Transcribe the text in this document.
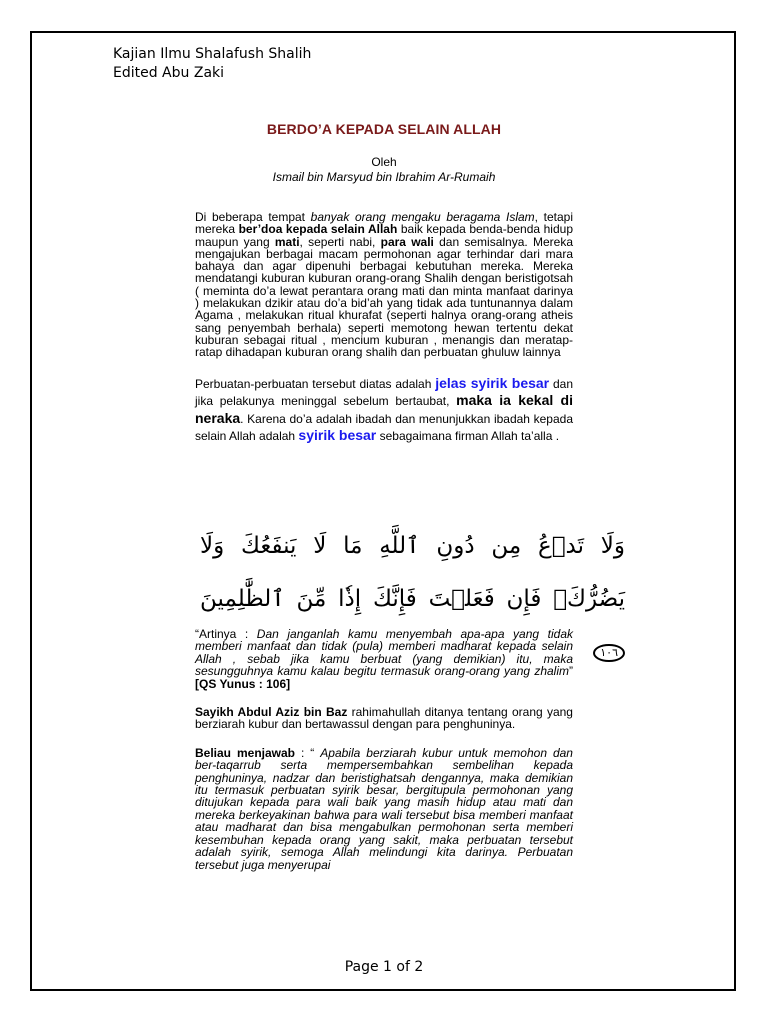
Kajian Ilmu Shalafush Shalih
Edited Abu Zaki
BERDO’A KEPADA SELAIN ALLAH
Oleh
Ismail bin Marsyud bin Ibrahim Ar-Rumaih

Di beberapa tempat banyak orang mengaku beragama Islam, tetapi mereka ber’doa kepada selain Allah baik kepada benda-benda hidup maupun yang mati, seperti nabi, para wali dan semisalnya. Mereka mengajukan berbagai macam permohonan agar terhindar dari mara bahaya dan agar dipenuhi berbagai kebutuhan mereka. Mereka mendatangi kuburan kuburan orang-orang Shalih dengan beristigotsah ( meminta do’a lewat perantara orang mati dan minta manfaat darinya ) melakukan dzikir atau do’a bid’ah yang tidak ada tuntunannya dalam Agama , melakukan ritual khurafat (seperti halnya orang-orang atheis sang penyembah berhala) seperti memotong hewan tertentu dekat kuburan sebagai ritual , mencium kuburan , menangis dan meratap-ratap dihadapan kuburan orang shalih dan perbuatan ghuluw lainnya

Perbuatan-perbuatan tersebut diatas adalah jelas syirik besar dan jika pelakunya meninggal sebelum bertaubat, maka ia kekal di neraka. Karena do’a adalah ibadah dan menunjukkan ibadah kepada selain Allah adalah syirik besar sebagaimana firman Allah ta’alla .

وَلَا تَدۡعُ مِن دُونِ ٱللَّهِ مَا لَا يَنفَعُكَ وَلَا يَضُرُّكَۖ فَإِن فَعَلۡتَ فَإِنَّكَ إِذٗا مِّنَ ٱلظَّٰلِمِينَ ١٠٦

“Artinya : Dan janganlah kamu menyembah apa-apa yang tidak memberi manfaat dan tidak (pula) memberi madharat kepada selain Allah , sebab jika kamu berbuat (yang demikian) itu, maka sesungguhnya kamu kalau begitu termasuk orang-orang yang zhalim” [QS Yunus : 106]

Sayikh Abdul Aziz bin Baz rahimahullah ditanya tentang orang yang berziarah kubur dan bertawassul dengan para penghuninya.

Beliau menjawab : “ Apabila berziarah kubur untuk memohon dan ber-taqarrub serta mempersembahkan sembelihan kepada penghuninya, nadzar dan beristighatsah dengannya, maka demikian itu termasuk perbuatan syirik besar, bergitupula permohonan yang ditujukan kepada para wali baik yang masih hidup atau mati dan mereka berkeyakinan bahwa para wali tersebut bisa memberi manfaat atau madharat dan bisa mengabulkan permohonan serta memberi kesembuhan kepada orang yang sakit, maka perbuatan tersebut adalah syirik, semoga Allah melindungi kita darinya. Perbuatan tersebut juga menyerupai

Page 1 of 2
